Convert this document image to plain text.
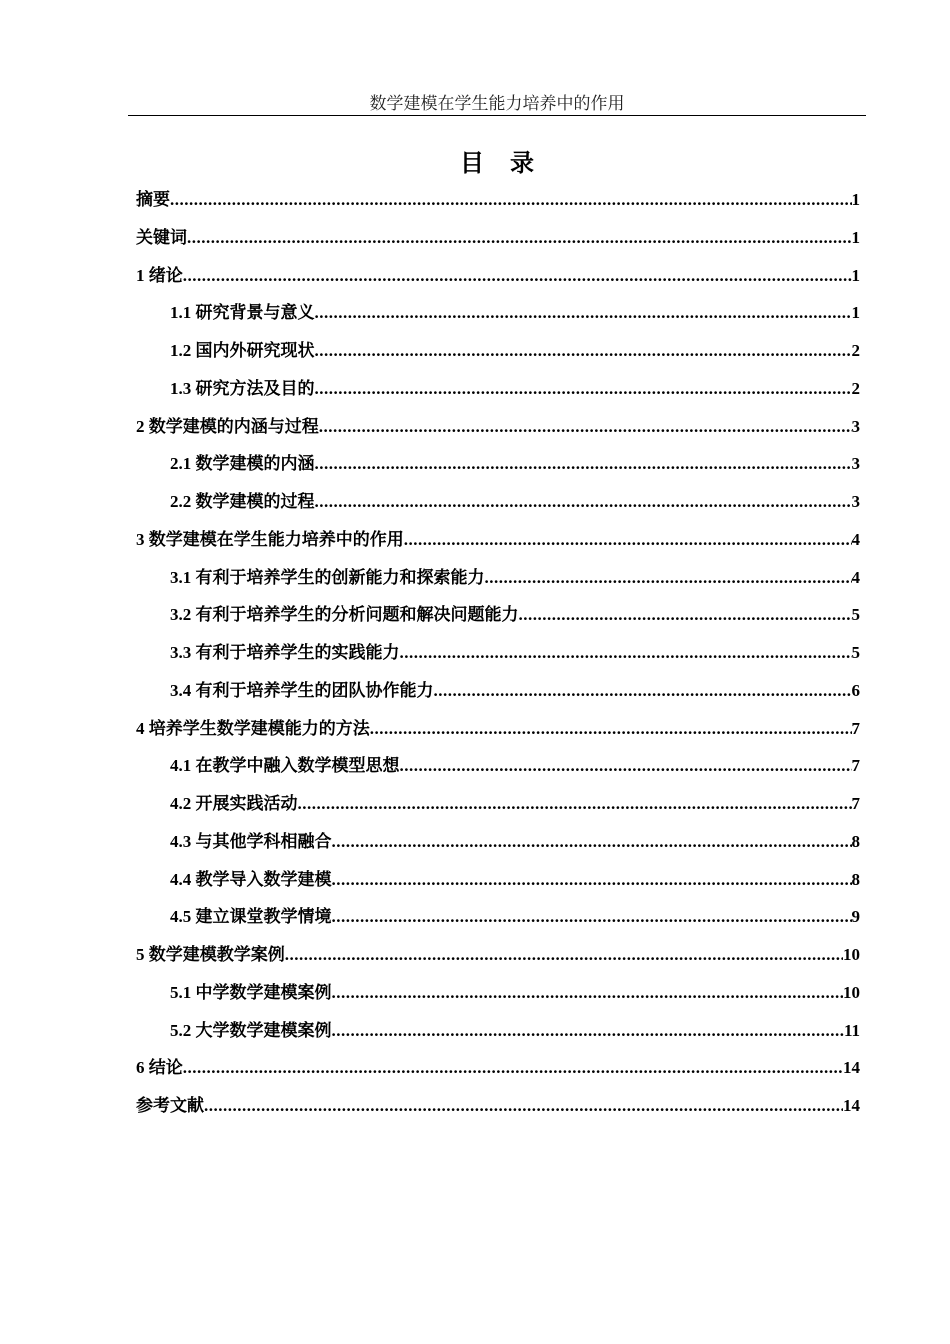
数学建模在学生能力培养中的作用
目录
摘要 .....	1
关键词 .....	1
1 绪论 .....	1
1.1 研究背景与意义 .....	1
1.2 国内外研究现状 .....	2
1.3 研究方法及目的 .....	2
2 数学建模的内涵与过程 .....	3
2.1 数学建模的内涵 .....	3
2.2 数学建模的过程 .....	3
3 数学建模在学生能力培养中的作用 .....	4
3.1 有利于培养学生的创新能力和探索能力 .....	4
3.2 有利于培养学生的分析问题和解决问题能力 .....	5
3.3 有利于培养学生的实践能力 .....	5
3.4 有利于培养学生的团队协作能力 .....	6
4 培养学生数学建模能力的方法 .....	7
4.1 在教学中融入数学模型思想 .....	7
4.2 开展实践活动 .....	7
4.3 与其他学科相融合 .....	8
4.4 教学导入数学建模 .....	8
4.5 建立课堂教学情境 .....	9
5 数学建模教学案例 .....	10
5.1 中学数学建模案例 .....	10
5.2 大学数学建模案例 .....	11
6 结论 .....	14
参考文献 .....	14
